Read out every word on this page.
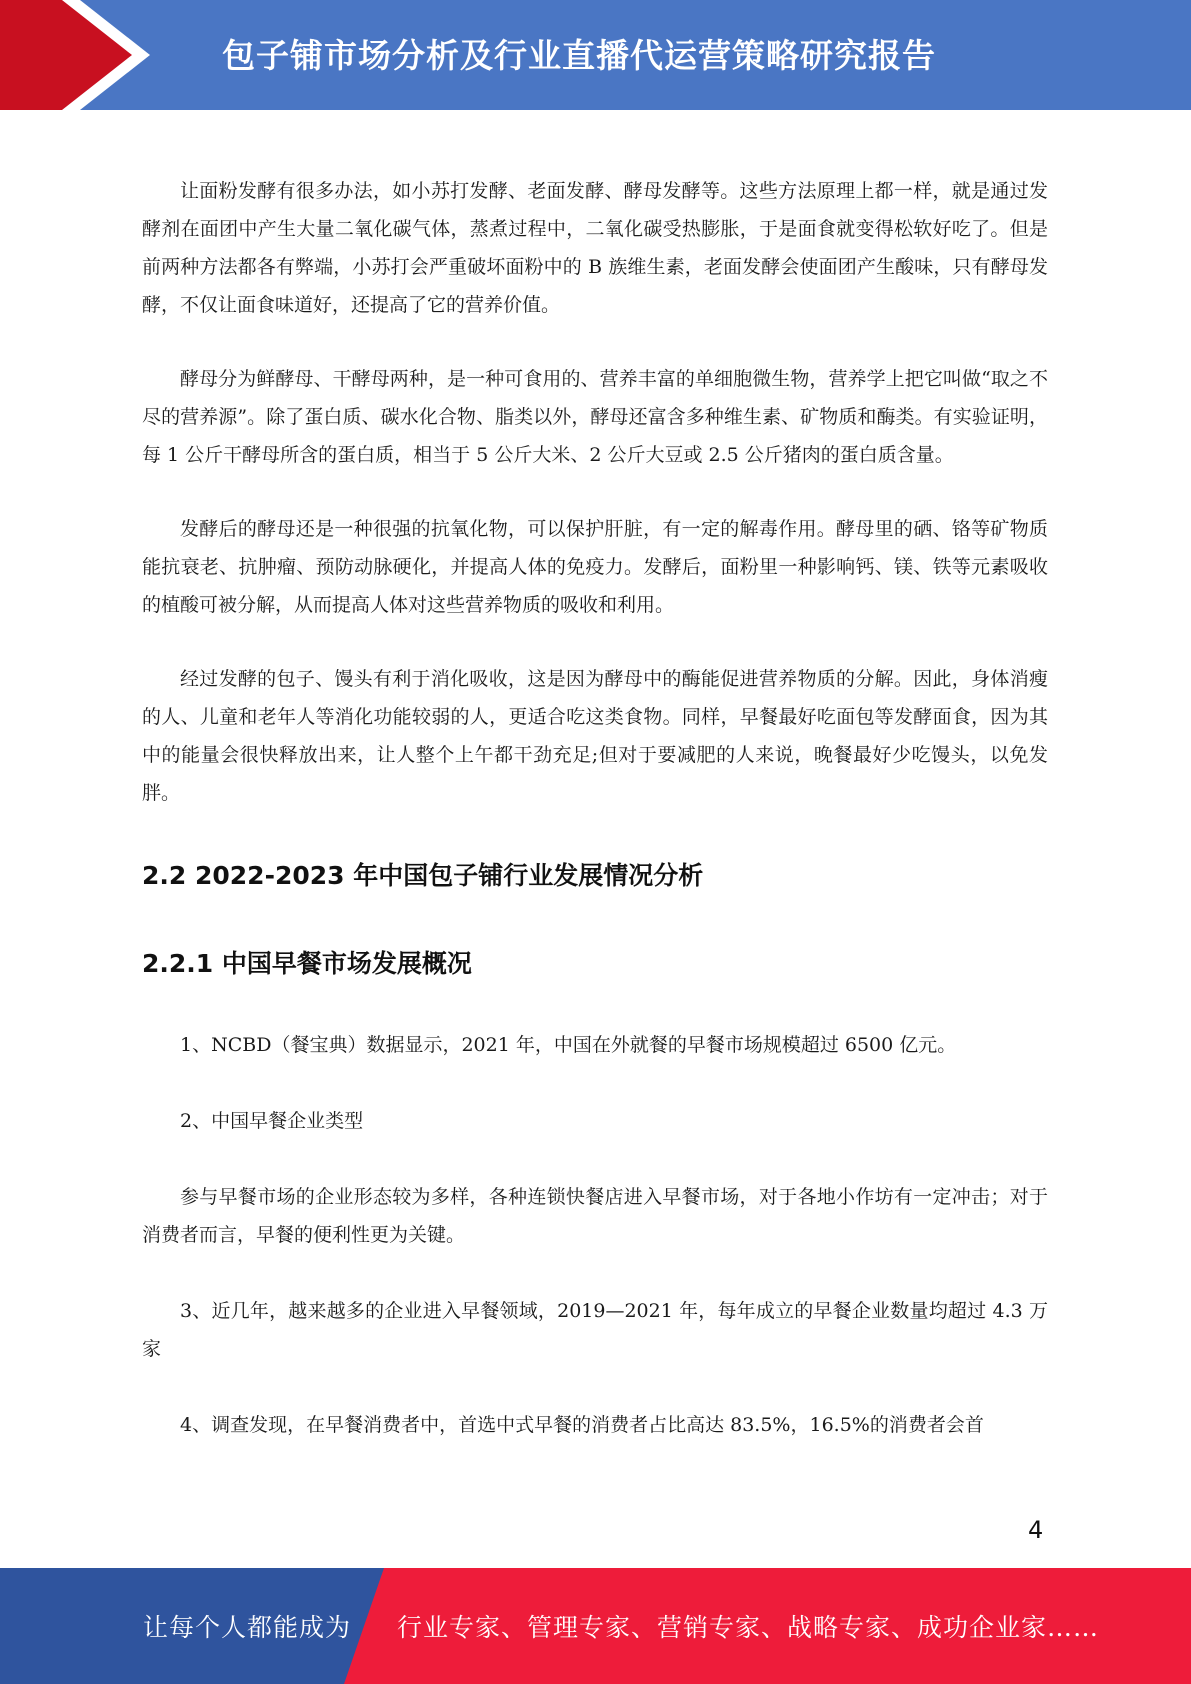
包子铺市场分析及行业直播代运营策略研究报告

让面粉发酵有很多办法，如小苏打发酵、老面发酵、酵母发酵等。这些方法原理上都一样，就是通过发酵剂在面团中产生大量二氧化碳气体，蒸煮过程中，二氧化碳受热膨胀，于是面食就变得松软好吃了。但是前两种方法都各有弊端，小苏打会严重破坏面粉中的 B 族维生素，老面发酵会使面团产生酸味，只有酵母发酵，不仅让面食味道好，还提高了它的营养价值。

酵母分为鲜酵母、干酵母两种，是一种可食用的、营养丰富的单细胞微生物，营养学上把它叫做“取之不尽的营养源”。除了蛋白质、碳水化合物、脂类以外，酵母还富含多种维生素、矿物质和酶类。有实验证明，每 1 公斤干酵母所含的蛋白质，相当于 5 公斤大米、2 公斤大豆或 2.5 公斤猪肉的蛋白质含量。

发酵后的酵母还是一种很强的抗氧化物，可以保护肝脏，有一定的解毒作用。酵母里的硒、铬等矿物质能抗衰老、抗肿瘤、预防动脉硬化，并提高人体的免疫力。发酵后，面粉里一种影响钙、镁、铁等元素吸收的植酸可被分解，从而提高人体对这些营养物质的吸收和利用。

经过发酵的包子、馒头有利于消化吸收，这是因为酵母中的酶能促进营养物质的分解。因此，身体消瘦的人、儿童和老年人等消化功能较弱的人，更适合吃这类食物。同样，早餐最好吃面包等发酵面食，因为其中的能量会很快释放出来，让人整个上午都干劲充足;但对于要减肥的人来说，晚餐最好少吃馒头，以免发胖。

2.2 2022-2023 年中国包子铺行业发展情况分析
2.2.1 中国早餐市场发展概况

1、NCBD（餐宝典）数据显示，2021 年，中国在外就餐的早餐市场规模超过 6500 亿元。

2、中国早餐企业类型

参与早餐市场的企业形态较为多样，各种连锁快餐店进入早餐市场，对于各地小作坊有一定冲击；对于消费者而言，早餐的便利性更为关键。

3、近几年，越来越多的企业进入早餐领域，2019—2021 年，每年成立的早餐企业数量均超过 4.3 万家

4、调查发现，在早餐消费者中，首选中式早餐的消费者占比高达 83.5%，16.5%的消费者会首

4
让每个人都能成为 行业专家、管理专家、营销专家、战略专家、成功企业家……
